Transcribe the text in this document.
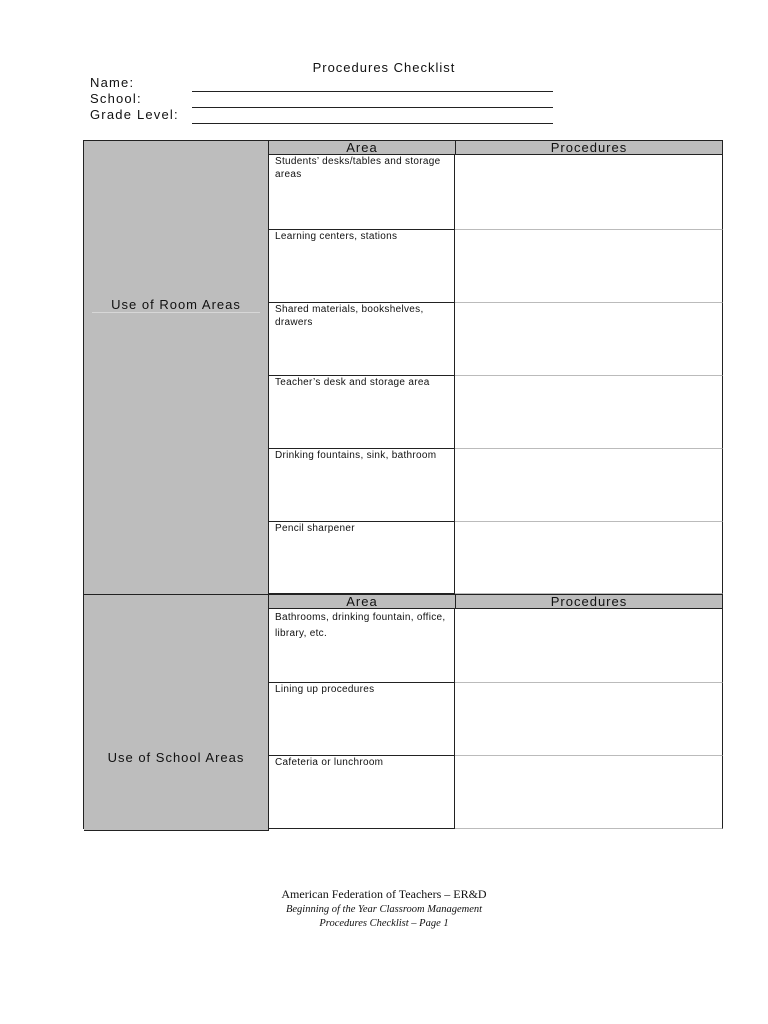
Procedures Checklist
Name:
School:
Grade Level:
Use of Room Areas
Area	Procedures
Students’ desks/tables and storage areas
Learning centers, stations
Shared materials, bookshelves, drawers
Teacher’s desk and storage area
Drinking fountains, sink, bathroom
Pencil sharpener
Use of School Areas
Area	Procedures
Bathrooms, drinking fountain, office, library, etc.
Lining up procedures
Cafeteria or lunchroom
American Federation of Teachers – ER&D
Beginning of the Year Classroom Management
Procedures Checklist – Page 1
